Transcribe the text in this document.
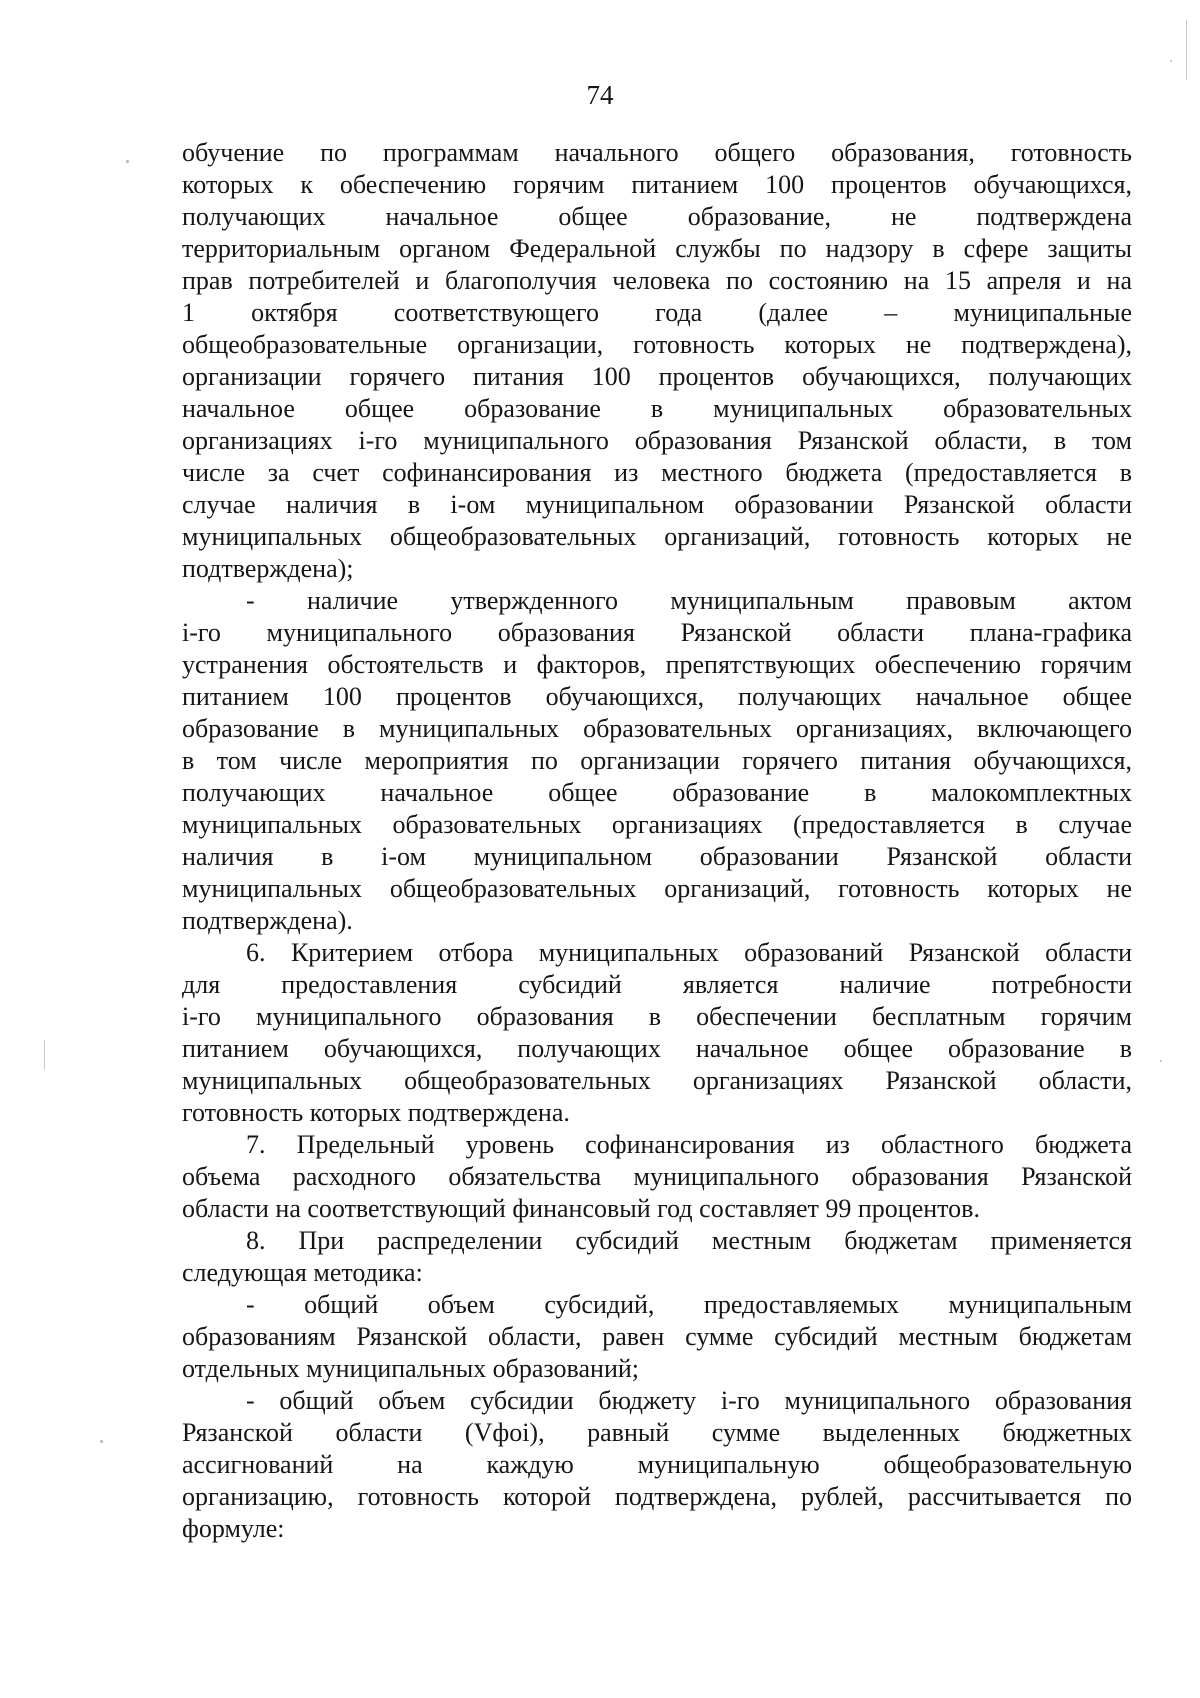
74
обучение по программам начального общего образования, готовность
которых к обеспечению горячим питанием 100 процентов обучающихся,
получающих начальное общее образование, не подтверждена
территориальным органом Федеральной службы по надзору в сфере защиты
прав потребителей и благополучия человека по состоянию на 15 апреля и на
1 октября соответствующего года (далее – муниципальные
общеобразовательные организации, готовность которых не подтверждена),
организации горячего питания 100 процентов обучающихся, получающих
начальное общее образование в муниципальных образовательных
организациях i-го муниципального образования Рязанской области, в том
числе за счет софинансирования из местного бюджета (предоставляется в
случае наличия в i-ом муниципальном образовании Рязанской области
муниципальных общеобразовательных организаций, готовность которых не
подтверждена);
- наличие утвержденного муниципальным правовым актом
i-го муниципального образования Рязанской области плана-графика
устранения обстоятельств и факторов, препятствующих обеспечению горячим
питанием 100 процентов обучающихся, получающих начальное общее
образование в муниципальных образовательных организациях, включающего
в том числе мероприятия по организации горячего питания обучающихся,
получающих начальное общее образование в малокомплектных
муниципальных образовательных организациях (предоставляется в случае
наличия в i-ом муниципальном образовании Рязанской области
муниципальных общеобразовательных организаций, готовность которых не
подтверждена).
6. Критерием отбора муниципальных образований Рязанской области
для предоставления субсидий является наличие потребности
i-го муниципального образования в обеспечении бесплатным горячим
питанием обучающихся, получающих начальное общее образование в
муниципальных общеобразовательных организациях Рязанской области,
готовность которых подтверждена.
7. Предельный уровень софинансирования из областного бюджета
объема расходного обязательства муниципального образования Рязанской
области на соответствующий финансовый год составляет 99 процентов.
8. При распределении субсидий местным бюджетам применяется
следующая методика:
- общий объем субсидий, предоставляемых муниципальным
образованиям Рязанской области, равен сумме субсидий местным бюджетам
отдельных муниципальных образований;
- общий объем субсидии бюджету i-го муниципального образования
Рязанской области (Vфоi), равный сумме выделенных бюджетных
ассигнований на каждую муниципальную общеобразовательную
организацию, готовность которой подтверждена, рублей, рассчитывается по
формуле:
